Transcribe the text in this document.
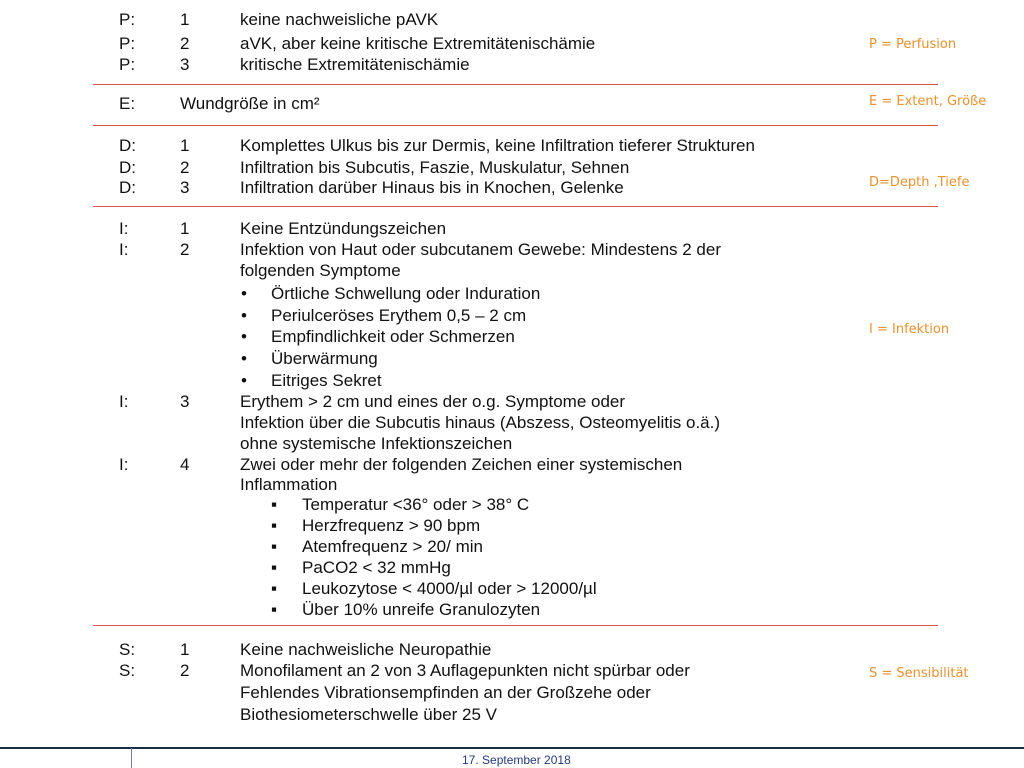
P:	1	keine nachweisliche pAVK
P:	2	aVK, aber keine kritische Extremitätenischämie
P:	3	kritische Extremitätenischämie
P = Perfusion
E:	Wundgröße in cm²	E = Extent, Größe
D:	1	Komplettes Ulkus bis zur Dermis, keine Infiltration tieferer Strukturen
D:	2	Infiltration bis Subcutis, Faszie, Muskulatur, Sehnen
D:	3	Infiltration darüber Hinaus bis in Knochen, Gelenke	D=Depth ,Tiefe
I:	1	Keine Entzündungszeichen
I:	2	Infektion von Haut oder subcutanem Gewebe: Mindestens 2 der
folgenden Symptome
• Örtliche Schwellung oder Induration
• Periulceröses Erythem 0,5 – 2 cm
• Empfindlichkeit oder Schmerzen
• Überwärmung
• Eitriges Sekret
I = Infektion
I:	3	Erythem > 2 cm und eines der o.g. Symptome oder
Infektion über die Subcutis hinaus (Abszess, Osteomyelitis o.ä.)
ohne systemische Infektionszeichen
I:	4	Zwei oder mehr der folgenden Zeichen einer systemischen
Inflammation
▪ Temperatur <36° oder > 38° C
▪ Herzfrequenz > 90 bpm
▪ Atemfrequenz > 20/ min
▪ PaCO2 < 32 mmHg
▪ Leukozytose < 4000/µl oder > 12000/µl
▪ Über 10% unreife Granulozyten
S:	1	Keine nachweisliche Neuropathie
S:	2	Monofilament an 2 von 3 Auflagepunkten nicht spürbar oder
Fehlendes Vibrationsempfinden an der Großzehe oder
Biothesiometerschwelle über 25 V
S = Sensibilität
17. September 2018
